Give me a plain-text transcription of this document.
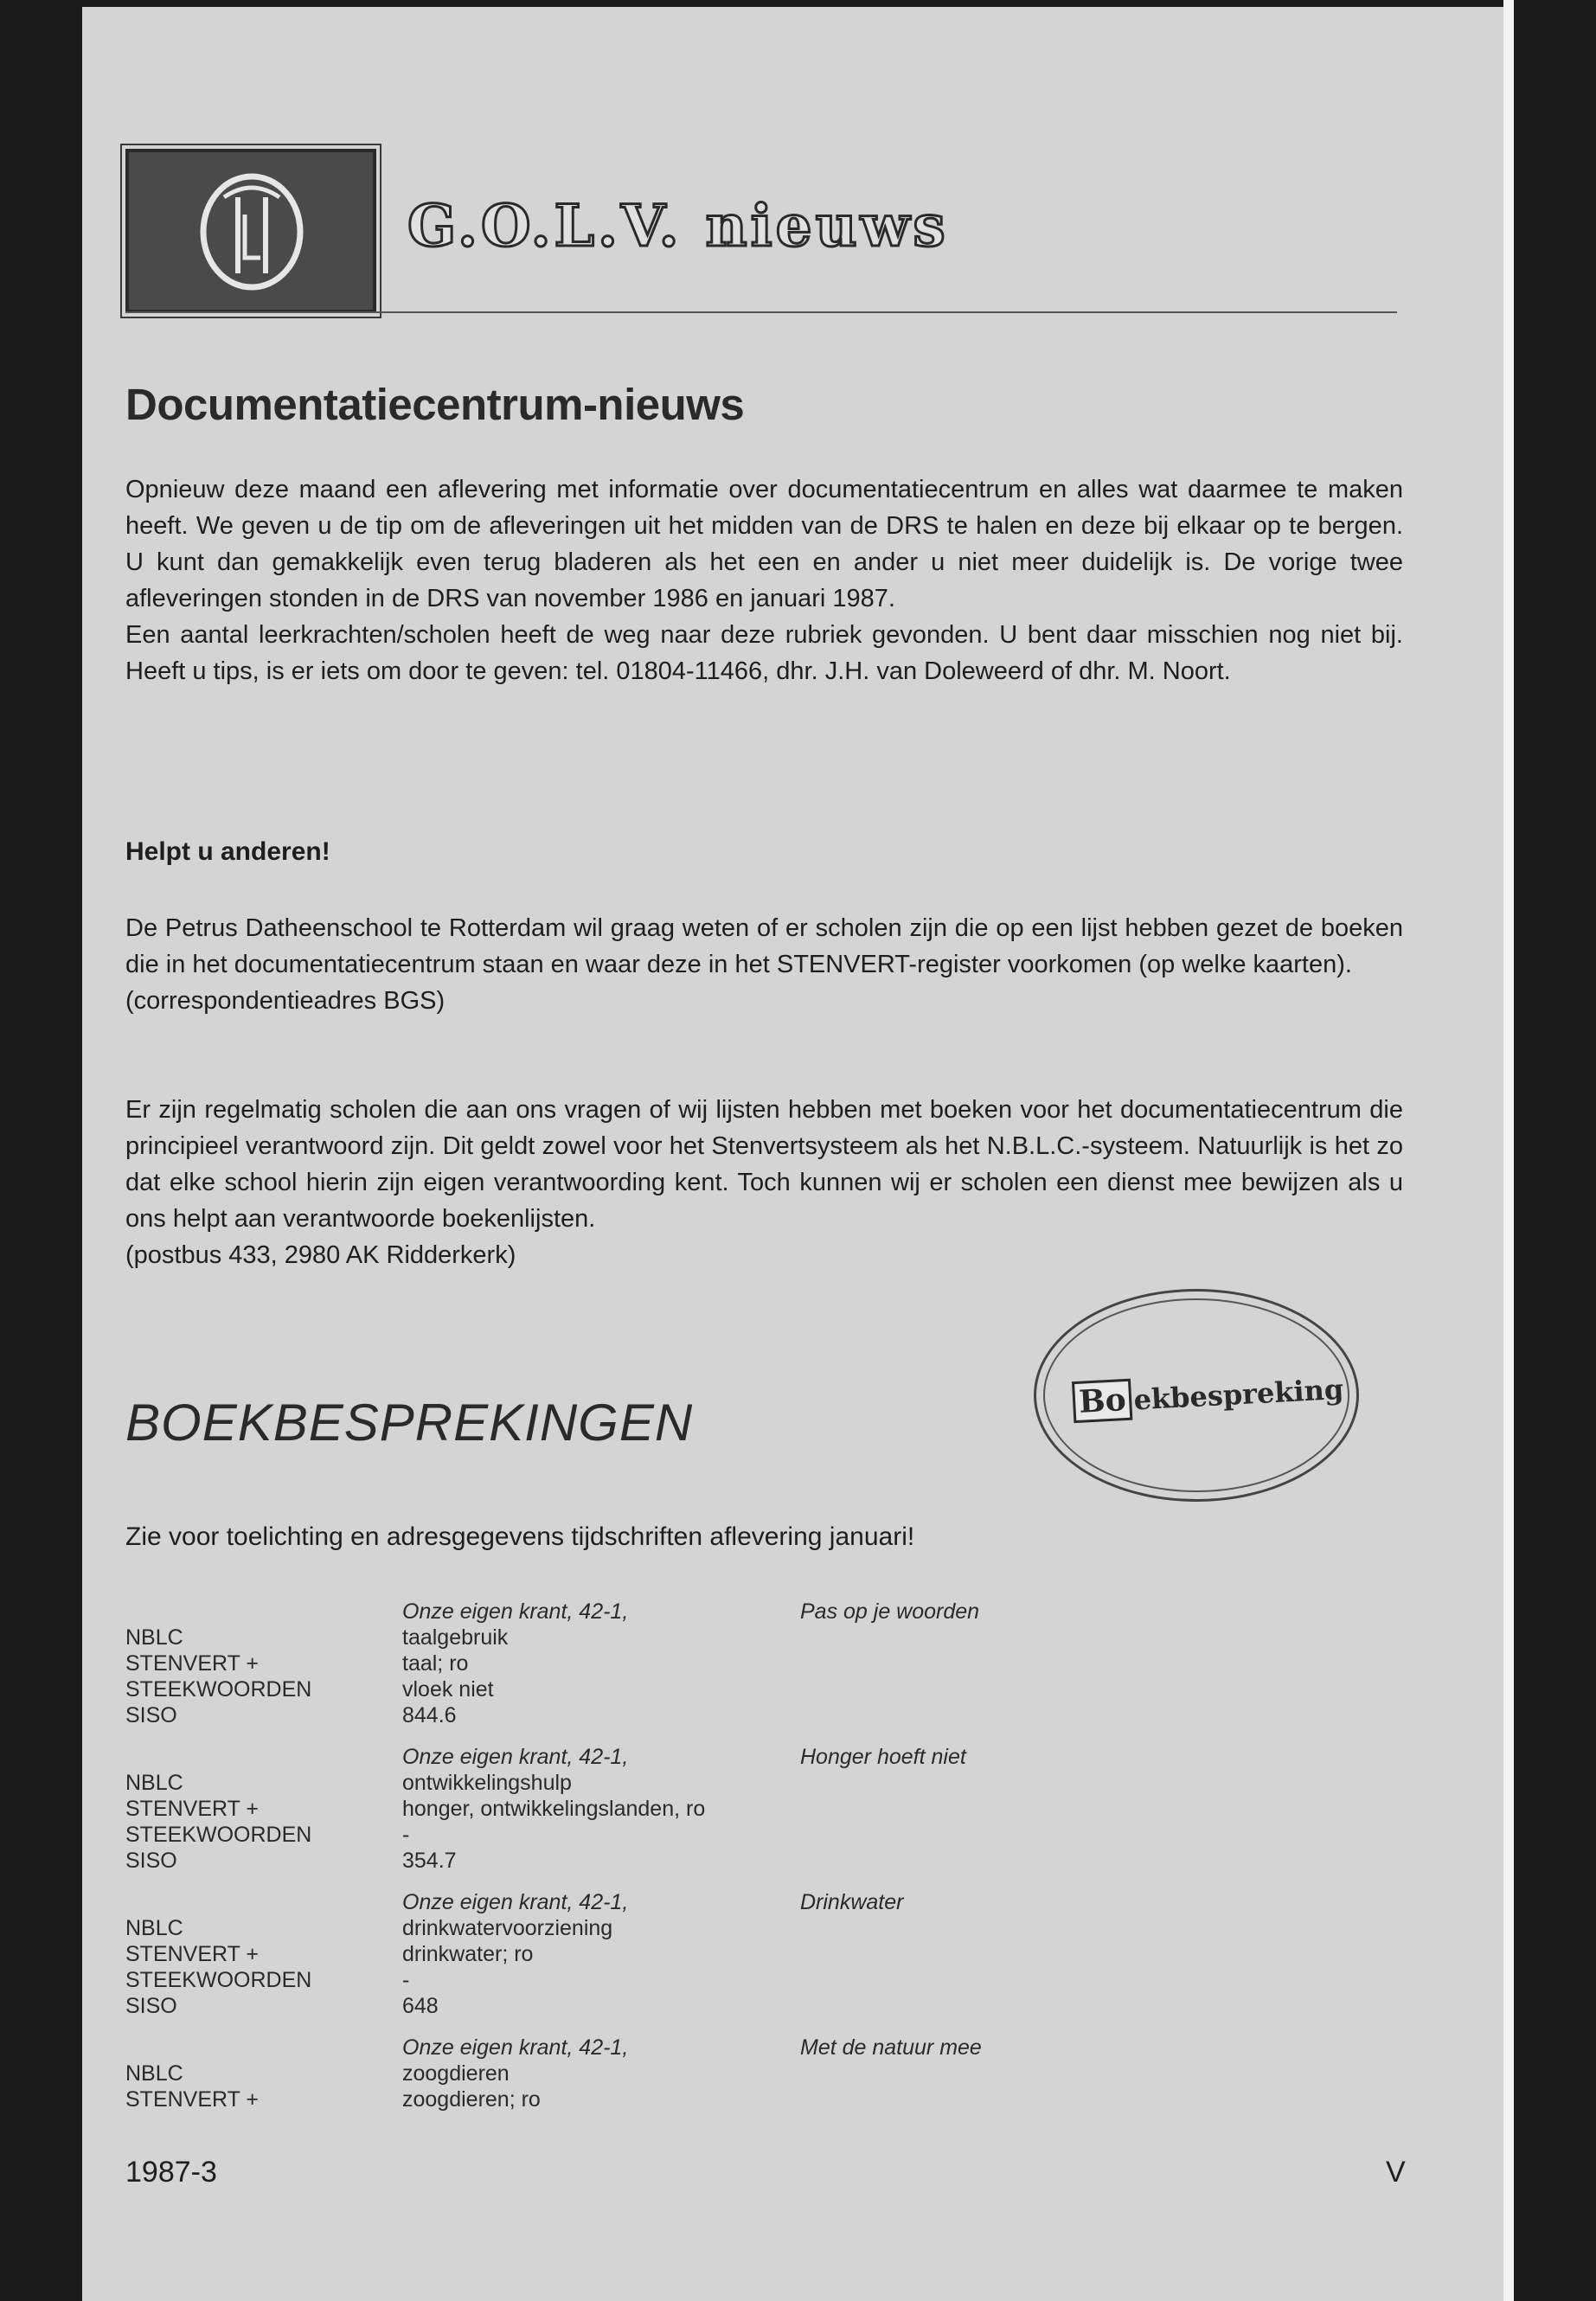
G.O.L.V. nieuws
Documentatiecentrum-nieuws

Opnieuw deze maand een aflevering met informatie over documentatiecentrum en alles wat daarmee te maken heeft. We geven u de tip om de afleveringen uit het midden van de DRS te halen en deze bij elkaar op te bergen. U kunt dan gemakkelijk even terug bladeren als het een en ander u niet meer duidelijk is. De vorige twee afleveringen stonden in de DRS van november 1986 en januari 1987.

Een aantal leerkrachten/scholen heeft de weg naar deze rubriek gevonden. U bent daar misschien nog niet bij. Heeft u tips, is er iets om door te geven: tel. 01804-11466, dhr. J.H. van Doleweerd of dhr. M. Noort.

Helpt u anderen!

De Petrus Datheenschool te Rotterdam wil graag weten of er scholen zijn die op een lijst hebben gezet de boeken die in het documentatiecentrum staan en waar deze in het STENVERT-register voorkomen (op welke kaarten).

(correspondentieadres BGS)

Er zijn regelmatig scholen die aan ons vragen of wij lijsten hebben met boeken voor het documentatiecentrum die principieel verantwoord zijn. Dit geldt zowel voor het Stenvertsysteem als het N.B.L.C.-systeem. Natuurlijk is het zo dat elke school hierin zijn eigen verantwoording kent. Toch kunnen wij er scholen een dienst mee bewijzen als u ons helpt aan verantwoorde boekenlijsten.

(postbus 433, 2980 AK Ridderkerk)

BOEKBESPREKINGEN	Bo ekbespreking
Zie voor toelichting en adresgegevens tijdschriften aflevering januari!
NBLC
STENVERT +
STEEKWOORDEN
SISO
Onze eigen krant, 42-1,
taalgebruik
taal; ro
vloek niet
844.6
Pas op je woorden
NBLC
STENVERT +
STEEKWOORDEN
SISO
Onze eigen krant, 42-1,
ontwikkelingshulp
honger, ontwikkelingslanden, ro
-
354.7
Honger hoeft niet
NBLC
STENVERT +
STEEKWOORDEN
SISO
Onze eigen krant, 42-1,
drinkwatervoorziening
drinkwater; ro
-
648
Drinkwater
NBLC
STENVERT +
Onze eigen krant, 42-1,
zoogdieren
zoogdieren; ro
Met de natuur mee
1987-3	V
